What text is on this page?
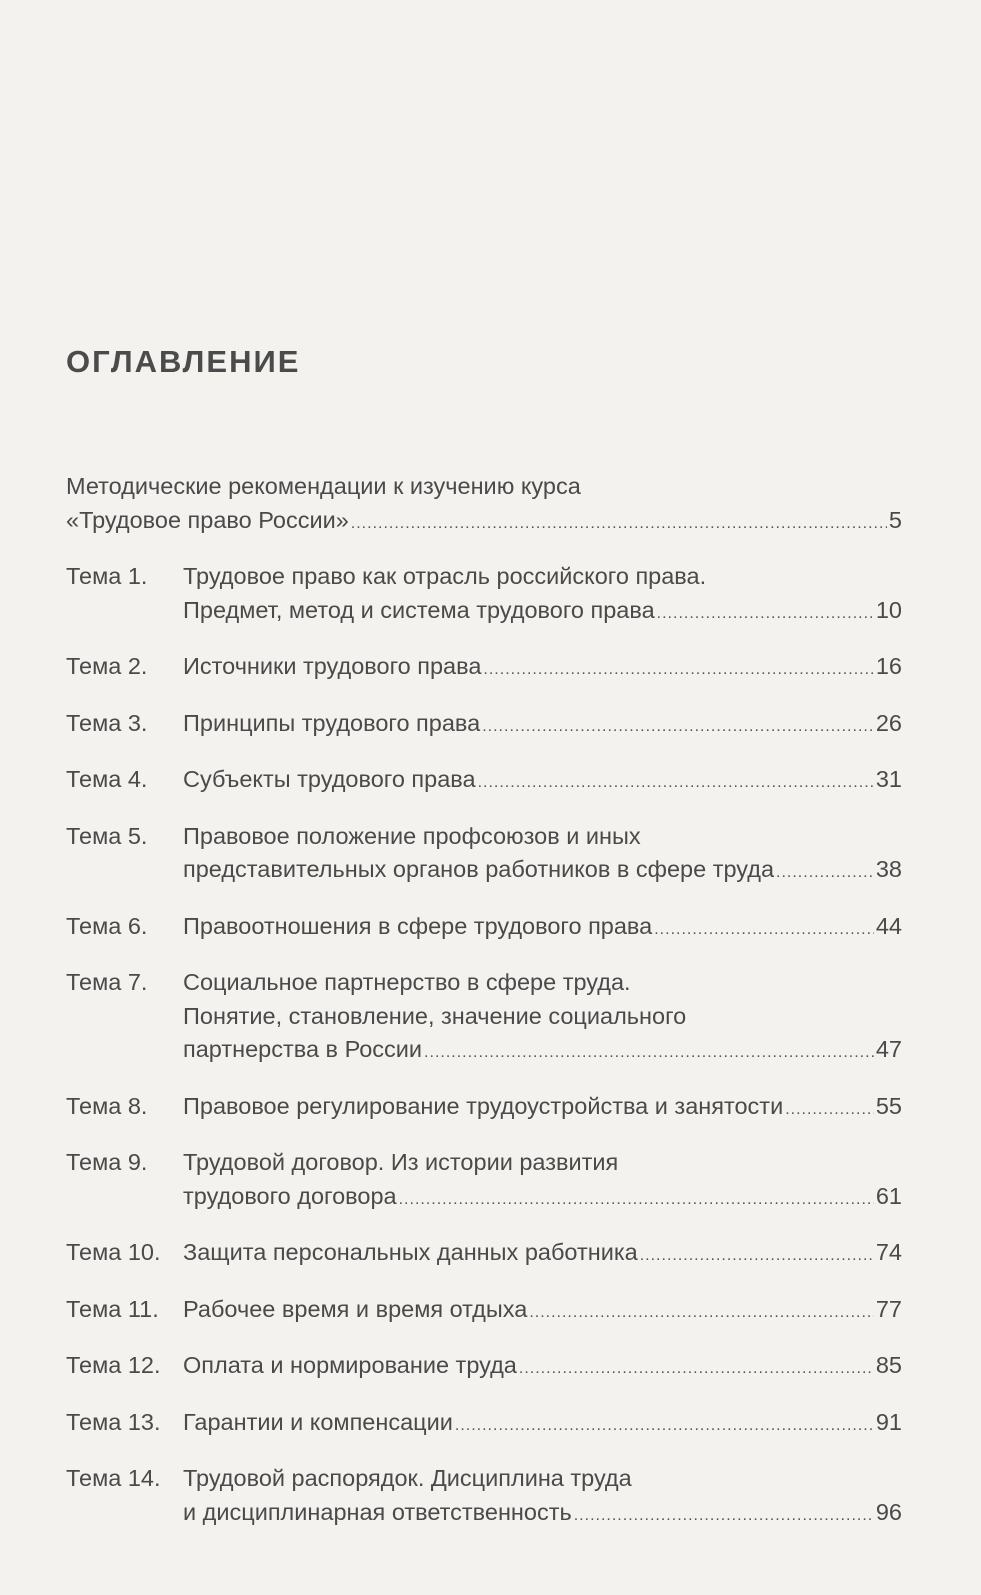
ОГЛАВЛЕНИЕ
Методические рекомендации к изучению курса
«Трудовое право России» .....	5
Тема 1.	Трудовое право как отрасль российского права.
Предмет, метод и система трудового права .....	10
Тема 2.	Источники трудового права .....	16
Тема 3.	Принципы трудового права .....	26
Тема 4.	Субъекты трудового права .....	31
Тема 5.	Правовое положение профсоюзов и иных
представительных органов работников в сфере труда .....	38
Тема 6.	Правоотношения в сфере трудового права .....	44
Тема 7.	Социальное партнерство в сфере труда.
Понятие, становление, значение социального
партнерства в России .....	47
Тема 8.	Правовое регулирование трудоустройства и занятости .....	55
Тема 9.	Трудовой договор. Из истории развития
трудового договора .....	61
Тема 10. Защита персональных данных работника .....	74
Тема 11.	Рабочее время и время отдыха .....	77
Тема 12. Оплата и нормирование труда .....	85
Тема 13. Гарантии и компенсации .....	91
Тема 14. Трудовой распорядок. Дисциплина труда
и дисциплинарная ответственность .....	96
